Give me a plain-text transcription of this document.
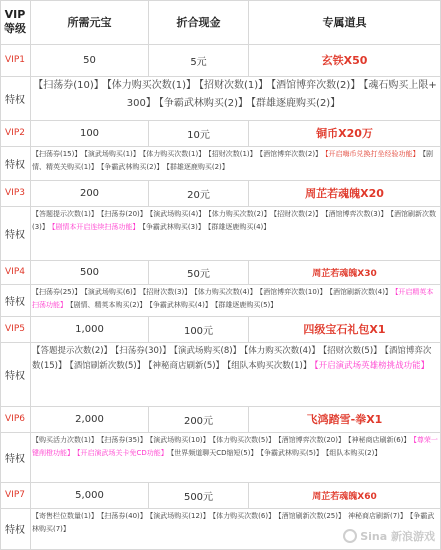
VIP
等级	所需元宝	折合现金	专属道具
VIP1	50	5元	玄铁X50
特权
【扫荡券(10)】 【体力购买次数(1)】 【招财次数(1)】 【酒馆博弈次数(2)】 【魂石购买上限+300】 【争霸武林购买(2)】 【群雄逐鹿购买(2)】
VIP2	100	10元	铜币X20万
特权
【扫荡券(15)】 【演武场购买(1)】 【体力购买次数(1)】 【招财次数(1)】 【酒馆博弈次数(2)】 【开启嗨币兑换打坐经验功能】 【剧情、精英关购买(1)】 【争霸武林购买(2)】 【群雄逐鹿购买(2)】
VIP3	200	20元	周芷若魂魄X20
特权
【答题提示次数(1)】 【扫荡券(20)】 【演武场购买(4)】 【体力购买次数(2)】 【招财次数(2)】 【酒馆博弈次数(3)】 【酒馆刷新次数(3)】 【剧情本开启连续扫荡功能】 【争霸武林购买(3)】 【群雄逐鹿购买(4)】
VIP4	500	50元	周芷若魂魄X30
特权
【扫荡券(25)】 【演武场购买(6)】 【招财次数(3)】 【体力购买次数(4)】 【酒馆博弈次数(10)】 【酒馆刷新次数(4)】 【开启精英本扫荡功能】 【剧情、精英本购买(2)】 【争霸武林购买(4)】 【群雄逐鹿购买(5)】
VIP5	1,000	100元	四级宝石礼包X1
特权
【答题提示次数(2)】 【扫荡券(30)】 【演武场购买(8)】 【体力购买次数(4)】 【招财次数(5)】 【酒馆博弈次数(15)】 【酒馆刷新次数(5)】 【神秘商店刷新(5)】 【组队本购买次数(1)】 【开启演武场英雄榜挑战功能】
VIP6	2,000	200元	飞鸿踏雪-拳X1
特权
【购买活力次数(1)】 【扫荡券(35)】 【演武场购买(10)】 【体力购买次数(5)】 【酒馆博弈次数(20)】 【神秘商店刷新(6)】 【尊荣一键削橙功能】 【开启演武场关卡免CD功能】 【世界频道聊天CD缩短(5)】 【争霸武林购买(5)】 【组队本购买(2)】
VIP7	5,000	500元	周芷若魂魄X60
特权
【寄售栏位数量(1)】 【扫荡券(40)】 【演武场购买(12)】 【体力购买次数(6)】 【酒馆刷新次数(25)】 神秘商店刷新(7)】 【争霸武林购买(7)】
Sina 新浪游戏
